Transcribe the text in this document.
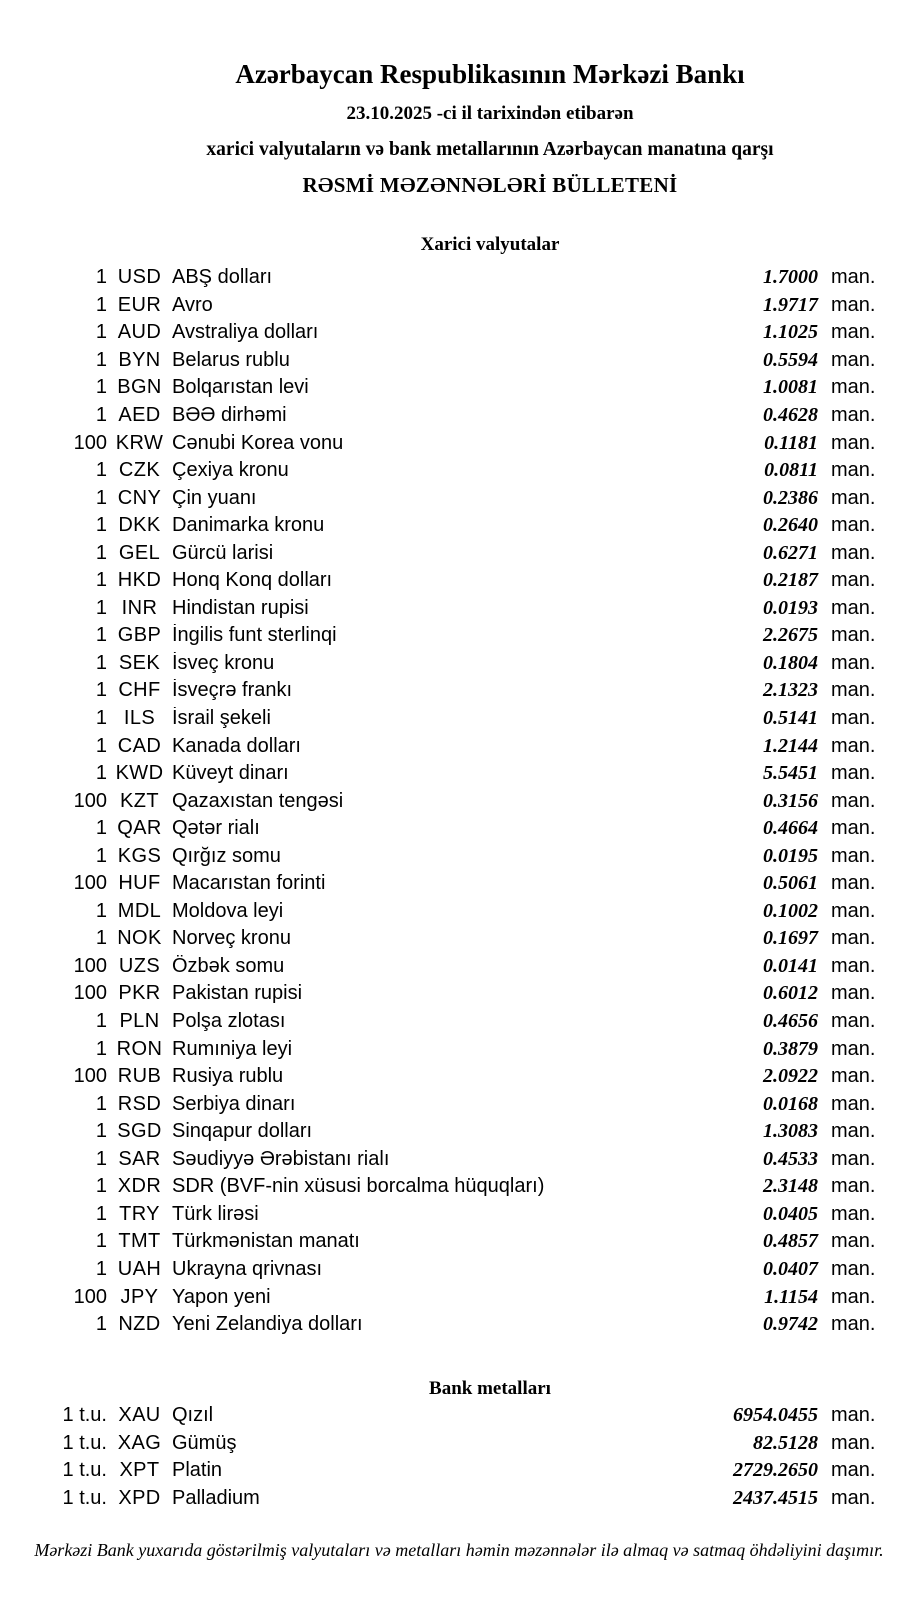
Azərbaycan Respublikasının Mərkəzi Bankı
23.10.2025 -ci il tarixindən etibarən
xarici valyutaların və bank metallarının Azərbaycan manatına qarşı
RƏSMİ MƏZƏNNƏLƏRİ BÜLLETENİ
Xarici valyutalar
1 USD ABŞ dolları	1.7000 man.
1 EUR Avro	1.9717 man.
1 AUD Avstraliya dolları	1.1025 man.
1 BYN Belarus rublu	0.5594 man.
1 BGN Bolqarıstan levi	1.0081 man.
1 AED BƏƏ dirhəmi	0.4628 man.
100 KRW Cənubi Korea vonu	0.1181 man.
1 CZK Çexiya kronu	0.0811 man.
1 CNY Çin yuanı	0.2386 man.
1 DKK Danimarka kronu	0.2640 man.
1 GEL Gürcü larisi	0.6271 man.
1 HKD Honq Konq dolları	0.2187 man.
1 INR Hindistan rupisi	0.0193 man.
1 GBP İngilis funt sterlinqi	2.2675 man.
1 SEK İsveç kronu	0.1804 man.
1 CHF İsveçrə frankı	2.1323 man.
1 ILS İsrail şekeli	0.5141 man.
1 CAD Kanada dolları	1.2144 man.
1 KWD Küveyt dinarı	5.5451 man.
100 KZT Qazaxıstan tengəsi	0.3156 man.
1 QAR Qətər rialı	0.4664 man.
1 KGS Qırğız somu	0.0195 man.
100 HUF Macarıstan forinti	0.5061 man.
1 MDL Moldova leyi	0.1002 man.
1 NOK Norveç kronu	0.1697 man.
100 UZS Özbək somu	0.0141 man.
100 PKR Pakistan rupisi	0.6012 man.
1 PLN Polşa zlotası	0.4656 man.
1 RON Rumıniya leyi	0.3879 man.
100 RUB Rusiya rublu	2.0922 man.
1 RSD Serbiya dinarı	0.0168 man.
1 SGD Sinqapur dolları	1.3083 man.
1 SAR Səudiyyə Ərəbistanı rialı	0.4533 man.
1 XDR SDR (BVF-nin xüsusi borcalma hüquqları)	2.3148 man.
1 TRY Türk lirəsi	0.0405 man.
1 TMT Türkmənistan manatı	0.4857 man.
1 UAH Ukrayna qrivnası	0.0407 man.
100 JPY Yapon yeni	1.1154 man.
1 NZD Yeni Zelandiya dolları	0.9742 man.
Bank metalları
1 t.u. XAU Qızıl	6954.0455 man.
1 t.u. XAG Gümüş	82.5128 man.
1 t.u. XPT Platin	2729.2650 man.
1 t.u. XPD Palladium	2437.4515 man.
Mərkəzi Bank yuxarıda göstərilmiş valyutaları və metalları həmin məzənnələr ilə almaq və satmaq öhdəliyini daşımır.
